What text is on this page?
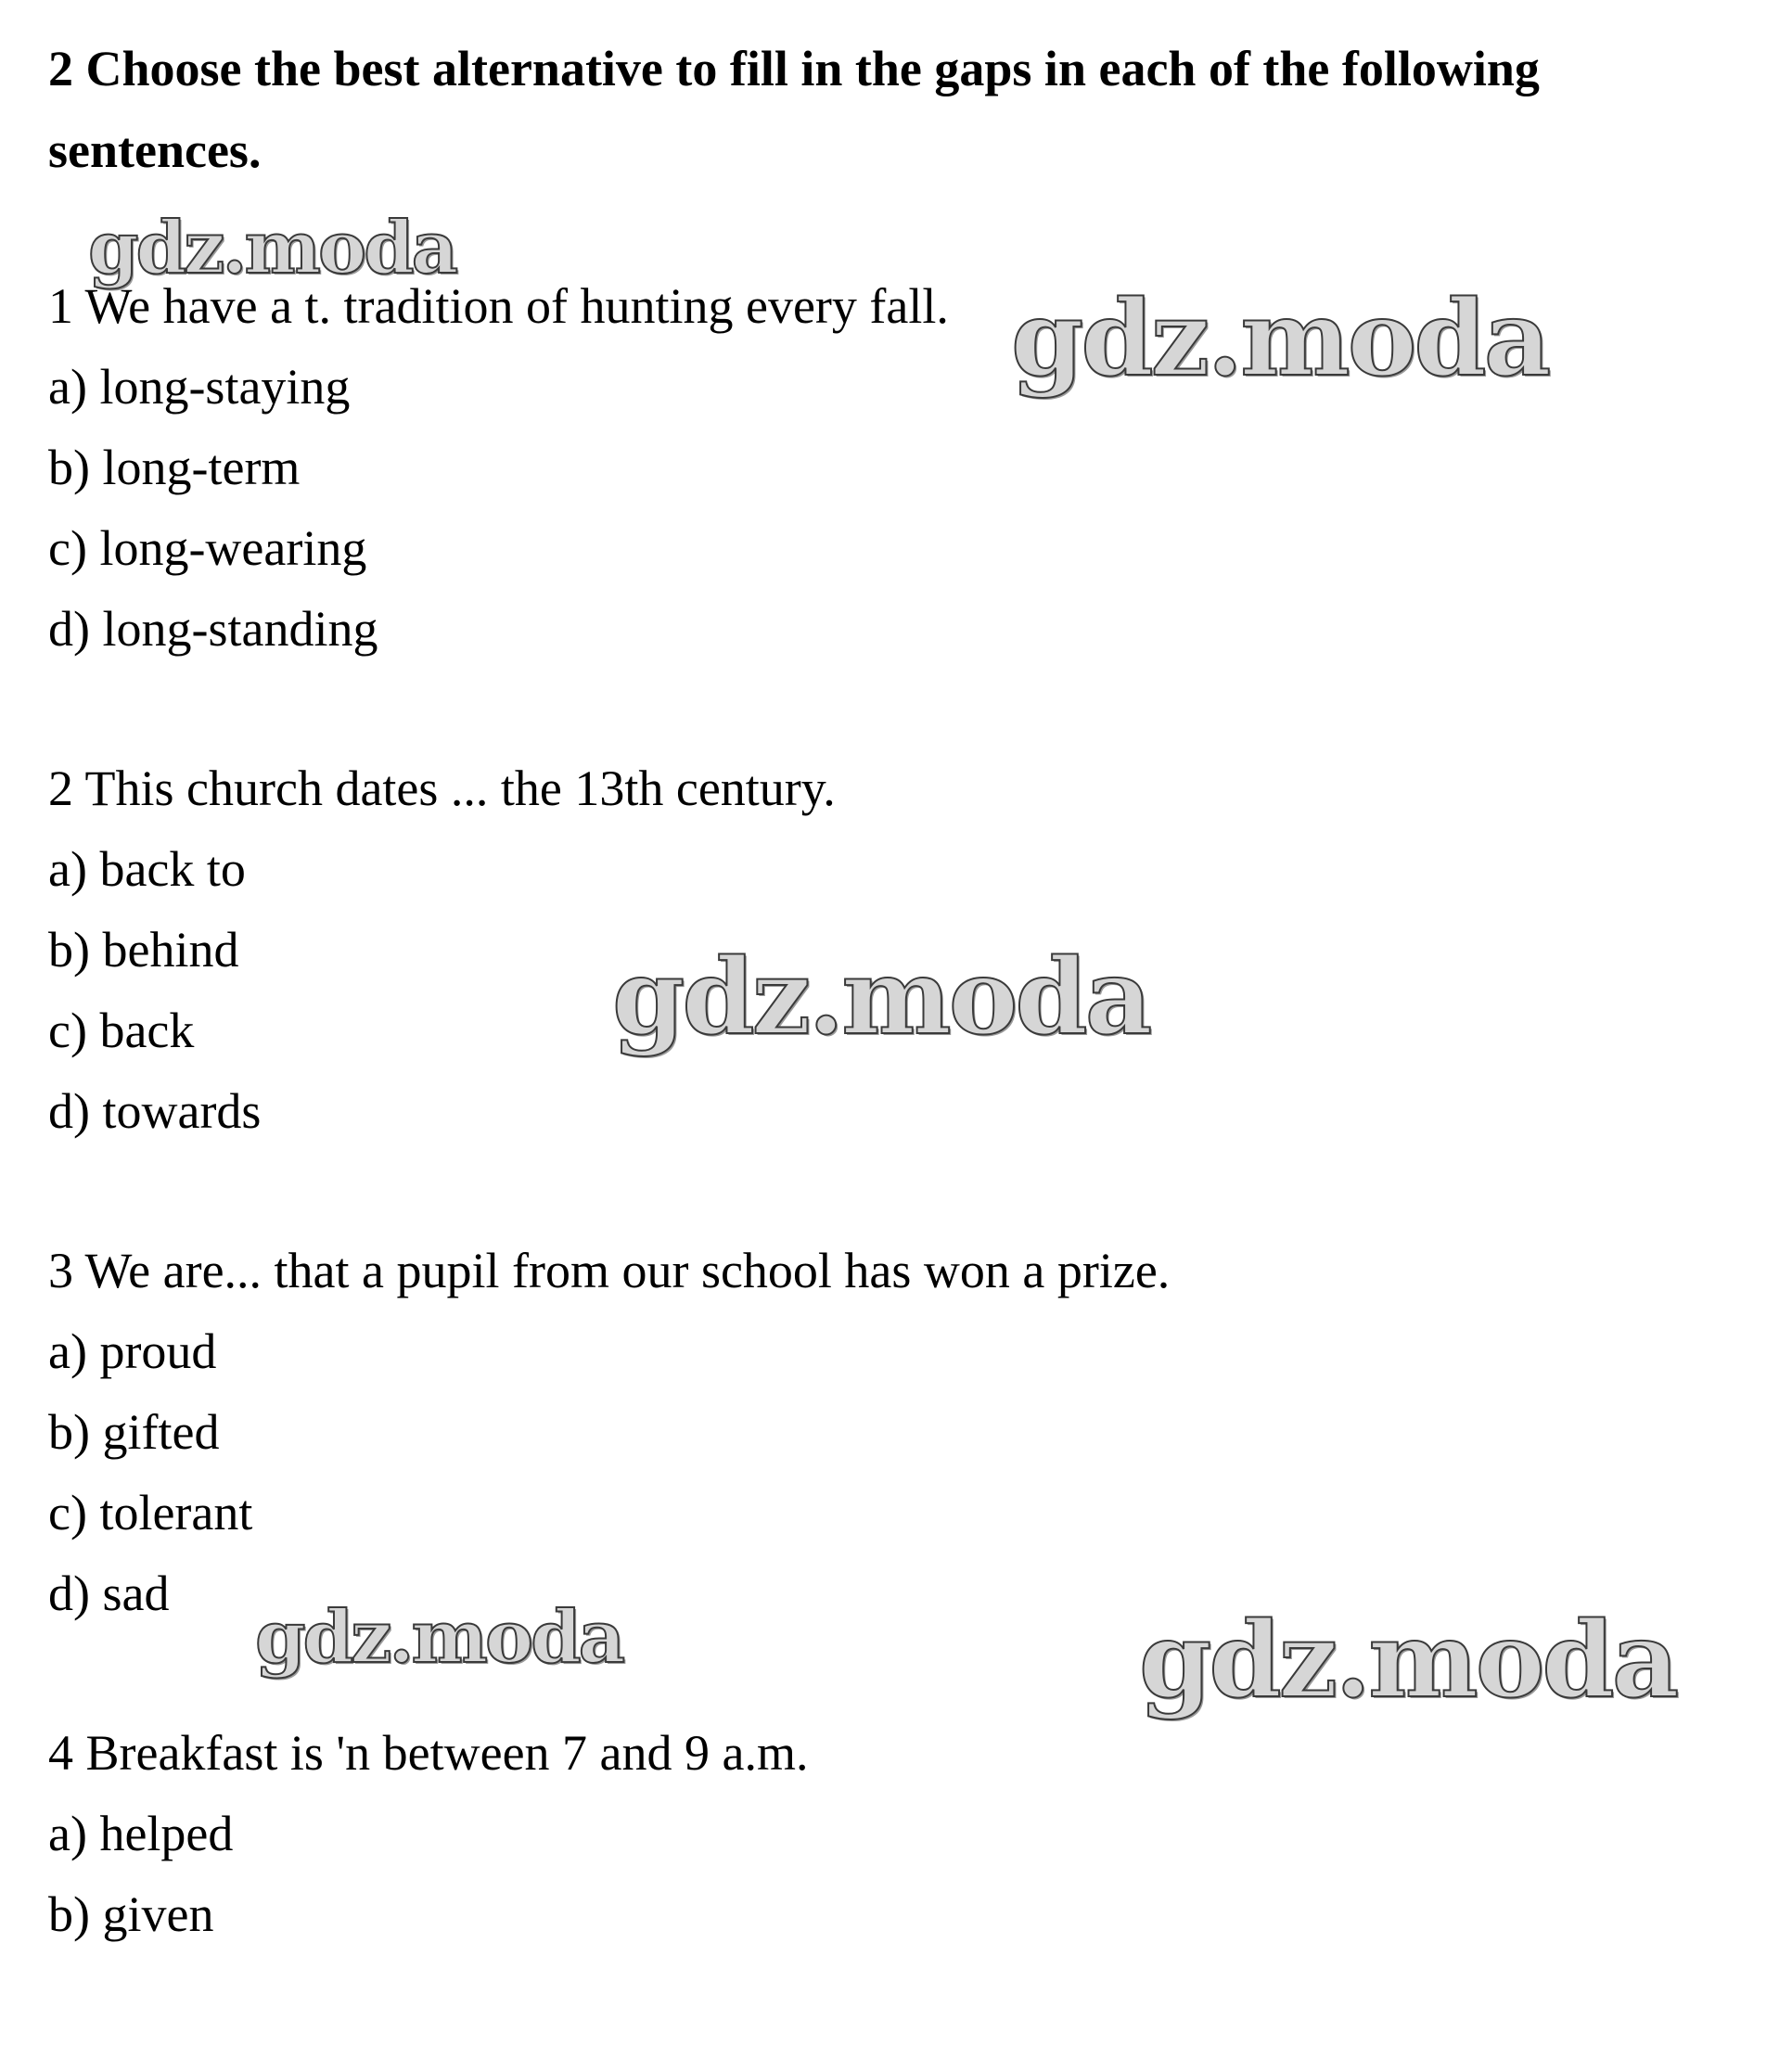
2 Choose the best alternative to fill in the gaps in each of the following sentences.

1 We have a t. tradition of hunting every fall.

a) long-staying

b) long-term

c) long-wearing

d) long-standing

2 This church dates ... the 13th century.

a) back to

b) behind

c) back

d) towards

3 We are... that a pupil from our school has won a prize.

a) proud

b) gifted

c) tolerant

d) sad

4 Breakfast is 'n between 7 and 9 a.m.

a) helped

b) given

gdz.moda
gdz.moda
gdz.moda
gdz.moda	gdz.moda
